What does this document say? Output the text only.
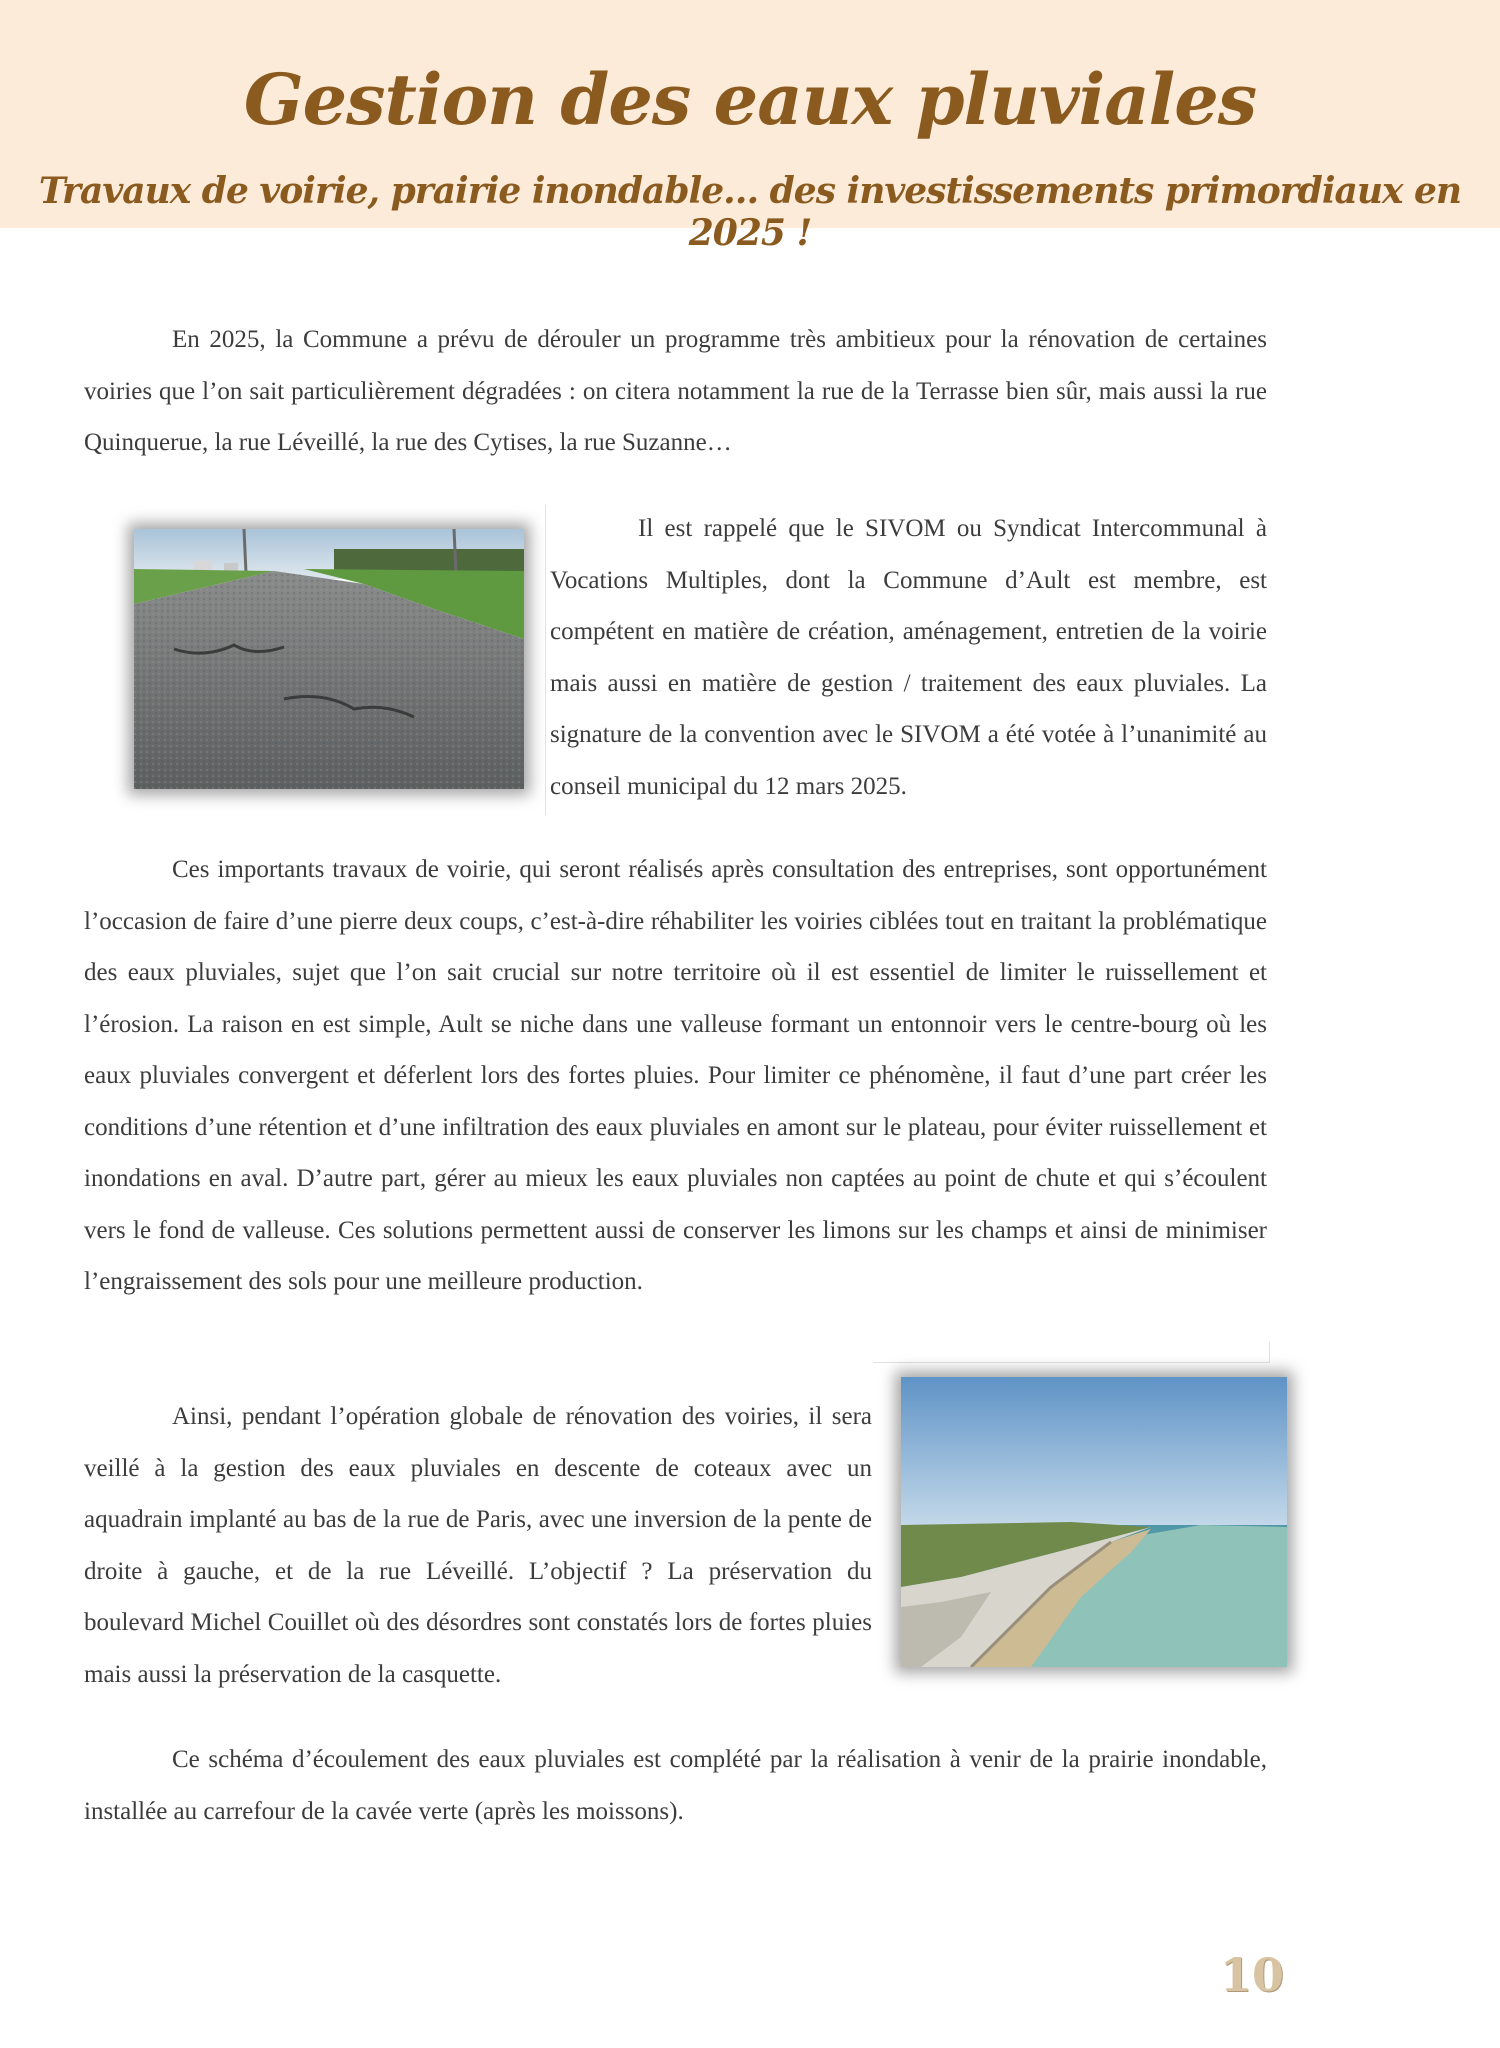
Gestion des eaux pluviales
Travaux de voirie, prairie inondable… des investissements primordiaux en 2025 !

En 2025, la Commune a prévu de dérouler un programme très ambitieux pour la rénovation de certaines voiries que l’on sait particulièrement dégradées : on citera notamment la rue de la Terrasse bien sûr, mais aussi la rue Quinquerue, la rue Léveillé, la rue des Cytises, la rue Suzanne…

Il est rappelé que le SIVOM ou Syndicat Intercommunal à Vocations Multiples, dont la Commune d’Ault est membre, est compétent en matière de création, aménagement, entretien de la voirie mais aussi en matière de gestion / traitement des eaux pluviales. La signature de la convention avec le SIVOM a été votée à l’unanimité au conseil municipal du 12 mars 2025.

Ces importants travaux de voirie, qui seront réalisés après consultation des entreprises, sont opportunément l’occasion de faire d’une pierre deux coups, c’est-à-dire réhabiliter les voiries ciblées tout en traitant la problématique des eaux pluviales, sujet que l’on sait crucial sur notre territoire où il est essentiel de limiter le ruissellement et l’érosion. La raison en est simple, Ault se niche dans une valleuse formant un entonnoir vers le centre-bourg où les eaux pluviales convergent et déferlent lors des fortes pluies. Pour limiter ce phénomène, il faut d’une part créer les conditions d’une rétention et d’une infiltration des eaux pluviales en amont sur le plateau, pour éviter ruissellement et inondations en aval. D’autre part, gérer au mieux les eaux pluviales non captées au point de chute et qui s’écoulent vers le fond de valleuse. Ces solutions permettent aussi de conserver les limons sur les champs et ainsi de minimiser l’engraissement des sols pour une meilleure production.

Ainsi, pendant l’opération globale de rénovation des voiries, il sera veillé à la gestion des eaux pluviales en descente de coteaux avec un aquadrain implanté au bas de la rue de Paris, avec une inversion de la pente de droite à gauche, et de la rue Léveillé. L’objectif ? La préservation du boulevard Michel Couillet où des désordres sont constatés lors de fortes pluies mais aussi la préservation de la casquette.

Ce schéma d’écoulement des eaux pluviales est complété par la réalisation à venir de la prairie inondable, installée au carrefour de la cavée verte (après les moissons).

10
